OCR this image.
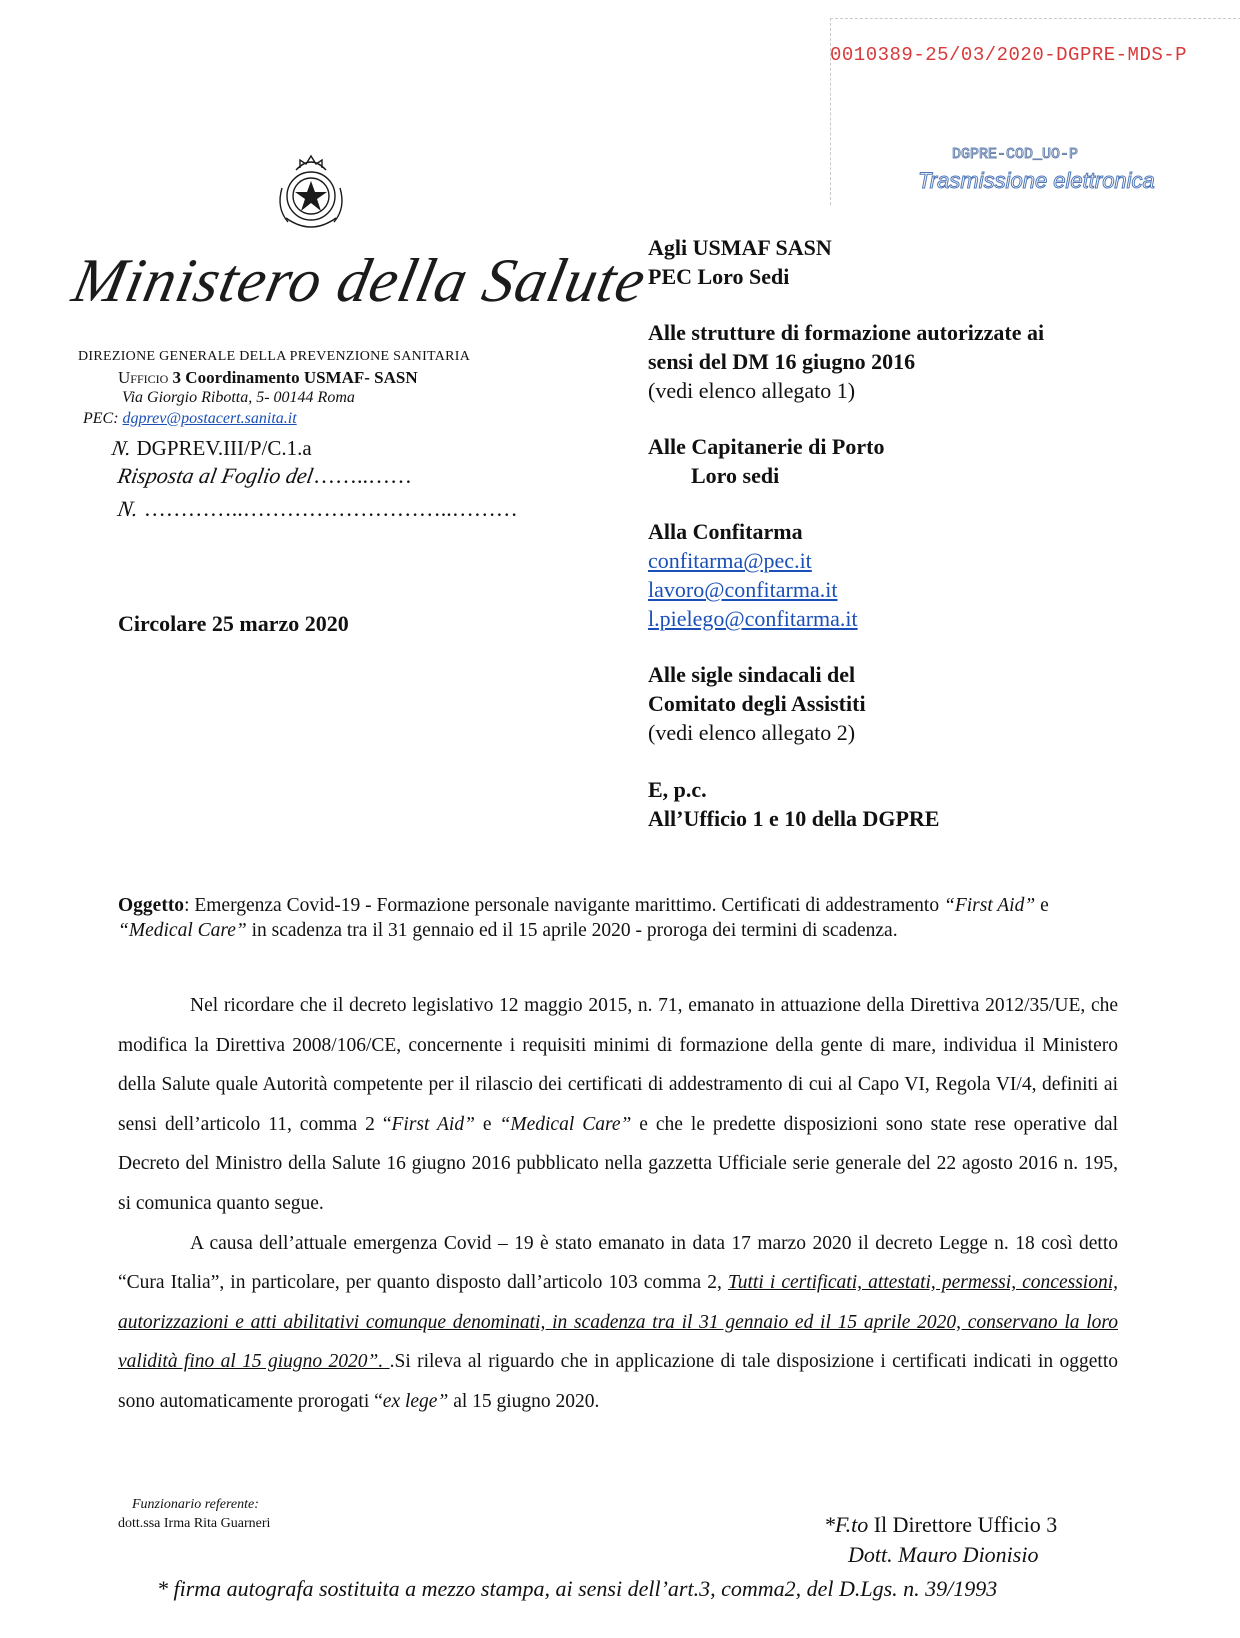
0010389-25/03/2020-DGPRE-MDS-P
DGPRE-COD_UO-P
Trasmissione elettronica
Ministero della Salute
DIREZIONE GENERALE DELLA PREVENZIONE SANITARIA
Ufficio 3 Coordinamento USMAF- SASN
Via Giorgio Ribotta, 5- 00144 Roma
PEC: dgprev@postacert.sanita.it
N. DGPREV.III/P/C.1.a
Risposta al Foglio del……..……
N. …………..………………………..………
Circolare 25 marzo 2020
Agli USMAF SASN
PEC Loro Sedi
Alle strutture di formazione autorizzate ai
sensi del DM 16 giugno 2016
(vedi elenco allegato 1)
Alle Capitanerie di Porto
Loro sedi
Alla Confitarma
confitarma@pec.it
lavoro@confitarma.it
l.pielego@confitarma.it
Alle sigle sindacali del
Comitato degli Assistiti
(vedi elenco allegato 2)
E, p.c.
All’Ufficio 1 e 10 della DGPRE
Oggetto: Emergenza Covid-19 - Formazione personale navigante marittimo. Certificati di addestramento “First Aid” e “Medical Care” in scadenza tra il 31 gennaio ed il 15 aprile 2020 - proroga dei termini di scadenza.

Nel ricordare che il decreto legislativo 12 maggio 2015, n. 71, emanato in attuazione della Direttiva 2012/35/UE, che modifica la Direttiva 2008/106/CE, concernente i requisiti minimi di formazione della gente di mare, individua il Ministero della Salute quale Autorità competente per il rilascio dei certificati di addestramento di cui al Capo VI, Regola VI/4, definiti ai sensi dell’articolo 11, comma 2 “First Aid” e “Medical Care” e che le predette disposizioni sono state rese operative dal Decreto del Ministro della Salute 16 giugno 2016 pubblicato nella gazzetta Ufficiale serie generale del 22 agosto 2016 n. 195, si comunica quanto segue.

A causa dell’attuale emergenza Covid – 19 è stato emanato in data 17 marzo 2020 il decreto Legge n. 18 così detto “Cura Italia”, in particolare, per quanto disposto dall’articolo 103 comma 2, Tutti i certificati, attestati, permessi, concessioni, autorizzazioni e atti abilitativi comunque denominati, in scadenza tra il 31 gennaio ed il 15 aprile 2020, conservano la loro validità fino al 15 giugno 2020”. .Si rileva al riguardo che in applicazione di tale disposizione i certificati indicati in oggetto sono automaticamente prorogati “ex lege” al 15 giugno 2020.

Funzionario referente:
dott.ssa Irma Rita Guarneri	*F.to Il Direttore Ufficio 3
Dott. Mauro Dionisio
* firma autografa sostituita a mezzo stampa, ai sensi dell’art.3, comma2, del D.Lgs. n. 39/1993
